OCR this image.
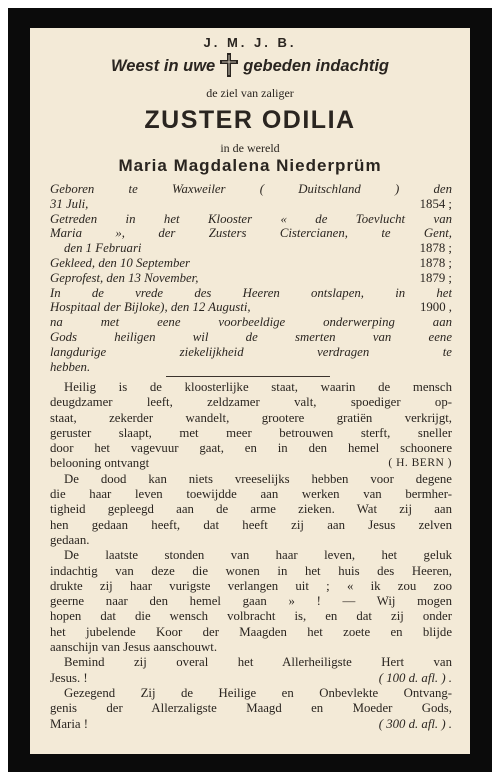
J. M. J. B.
Weest in uwe gebeden indachtig
de ziel van zaliger
ZUSTER ODILIA
in de wereld
Maria Magdalena Niederprüm
Geboren te Waxweiler ( Duitschland ) den
31 Juli,	1854 ;
Getreden in het Klooster « de Toevlucht van
Maria », der Zusters Cistercianen, te Gent,
den 1 Februari	1878 ;
Gekleed, den 10 September	1878 ;
Geprofest, den 13 November,	1879 ;
In de vrede des Heeren ontslapen, in het
Hospitaal der Bijloke), den 12 Augusti,	1900 ,
na met eene voorbeeldige onderwerping aan
Gods heiligen wil de smerten van eene
langdurige ziekelijkheid verdragen te
hebben.
Heilig is de kloosterlijke staat, waarin de mensch
deugdzamer leeft, zeldzamer valt, spoediger op-
staat, zekerder wandelt, grootere gratiën verkrijgt,
geruster slaapt, met meer betrouwen sterft, sneller
door het vagevuur gaat, en in den hemel schoonere
belooning ontvangt	( H. BERN )
De dood kan niets vreeselijks hebben voor degene
die haar leven toewijdde aan werken van bermher-
tigheid gepleegd aan de arme zieken. Wat zij aan
hen gedaan heeft, dat heeft zij aan Jesus zelven
gedaan.
De laatste stonden van haar leven, het geluk
indachtig van deze die wonen in het huis des Heeren,
drukte zij haar vurigste verlangen uit ; « ik zou zoo
geerne naar den hemel gaan » ! — Wij mogen
hopen dat die wensch volbracht is, en dat zij onder
het jubelende Koor der Maagden het zoete en blijde
aanschijn van Jesus aanschouwt.
Bemind zij overal het Allerheiligste Hert van
Jesus. !	( 100 d. afl. ) .
Gezegend Zij de Heilige en Onbevlekte Ontvang-
genis der Allerzaligste Maagd en Moeder Gods,
Maria !	( 300 d. afl. ) .
